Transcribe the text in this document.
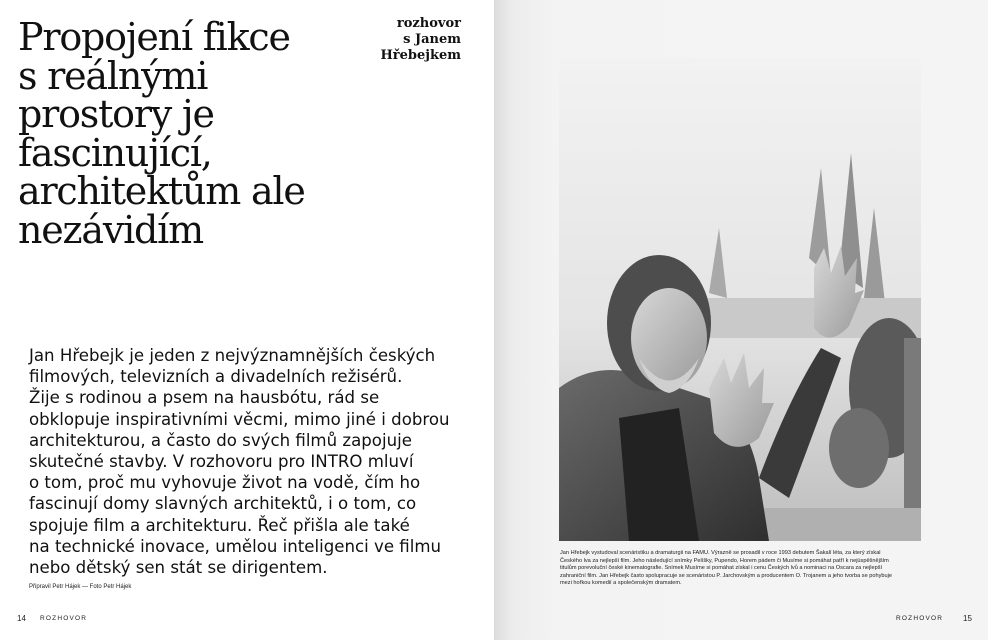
Propojení fikce
s reálnými
prostory je
fascinující,
architektům ale
nezávidím
rozhovor
s Janem
Hřebejkem

Jan Hřebejk je jeden z nejvýznamnějších českých
filmových, televizních a divadelních režisérů.
Žije s rodinou a psem na hausbótu, rád se
obklopuje inspirativními věcmi, mimo jiné i dobrou
architekturou, a často do svých filmů zapojuje
skutečné stavby. V rozhovoru pro INTRO mluví
o tom, proč mu vyhovuje život na vodě, čím ho
fascinují domy slavných architektů, i o tom, co
spojuje film a architekturu. Řeč přišla ale také
na technické inovace, umělou inteligenci ve filmu
nebo dětský sen stát se dirigentem.

Připravil Petr Hájek — Foto Petr Hájek
14 ROZHOVOR
Jan Hřebejk vystudoval scenáristiku a dramaturgii na FAMU. Výrazně se prosadil v roce 1993 debutem Šakalí léta, za který získal
Českého lva za nejlepší film. Jeho následující snímky Pelíšky, Pupendo, Horem pádem či Musíme si pomáhat patří k nejúspěšnějším
titulům porevoluční české kinematografie. Snímek Musíme si pomáhat získal i cenu Českých lvů a nominaci na Oscara za nejlepší
zahraniční film. Jan Hřebejk často spolupracuje se scenáristou P. Jarchovským a producentem O. Trojanem a jeho tvorba se pohybuje
mezi hořkou komedií a společenským dramatem.
ROZHOVOR 15
